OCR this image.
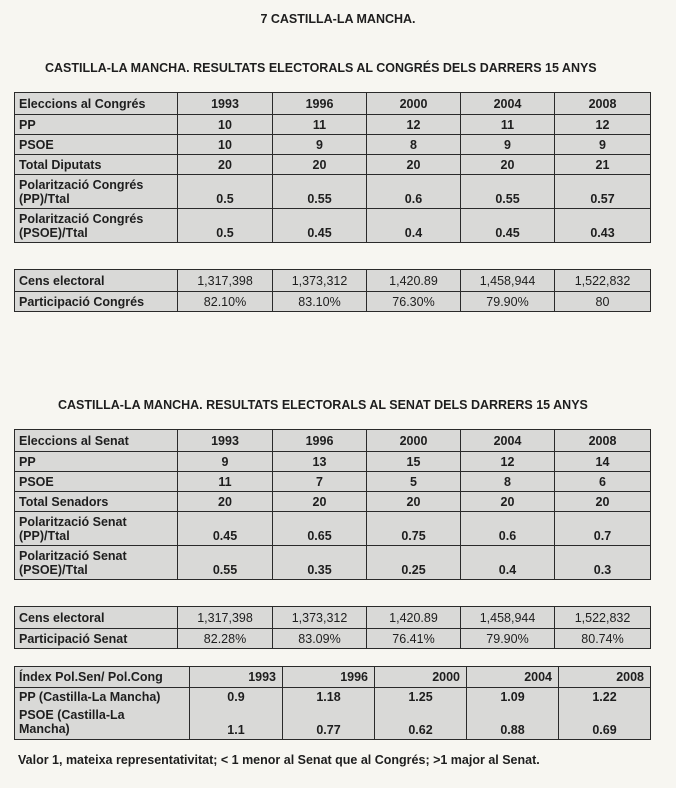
7 CASTILLA-LA MANCHA.
CASTILLA-LA MANCHA. RESULTATS ELECTORALS AL CONGRÉS DELS DARRERS 15 ANYS
Eleccions al Congrés	1993	1996	2000	2004	2008
PP	10	11	12	11	12
PSOE	10	9	8	9	9
Total Diputats	20	20	20	20	21
Polarització Congrés
(PP)/Ttal	0.5	0.55	0.6	0.55	0.57
Polarització Congrés
(PSOE)/Ttal	0.5	0.45	0.4	0.45	0.43
Cens electoral	1,317,398	1,373,312	1,420.89	1,458,944	1,522,832
Participació Congrés	82.10%	83.10%	76.30%	79.90%	80
CASTILLA-LA MANCHA. RESULTATS ELECTORALS AL SENAT DELS DARRERS 15 ANYS
Eleccions al Senat	1993	1996	2000	2004	2008
PP	9	13	15	12	14
PSOE	11	7	5	8	6
Total Senadors	20	20	20	20	20
Polarització Senat
(PP)/Ttal	0.45	0.65	0.75	0.6	0.7
Polarització Senat
(PSOE)/Ttal	0.55	0.35	0.25	0.4	0.3
Cens electoral	1,317,398	1,373,312	1,420.89	1,458,944	1,522,832
Participació Senat	82.28%	83.09%	76.41%	79.90%	80.74%
Índex Pol.Sen/ Pol.Cong	1993	1996	2000	2004	2008
PP (Castilla-La Mancha)	0.9	1.18	1.25	1.09	1.22
PSOE (Castilla-La
Mancha)	1.1	0.77	0.62	0.88	0.69
Valor 1, mateixa representativitat; < 1 menor al Senat que al Congrés; >1 major al Senat.
